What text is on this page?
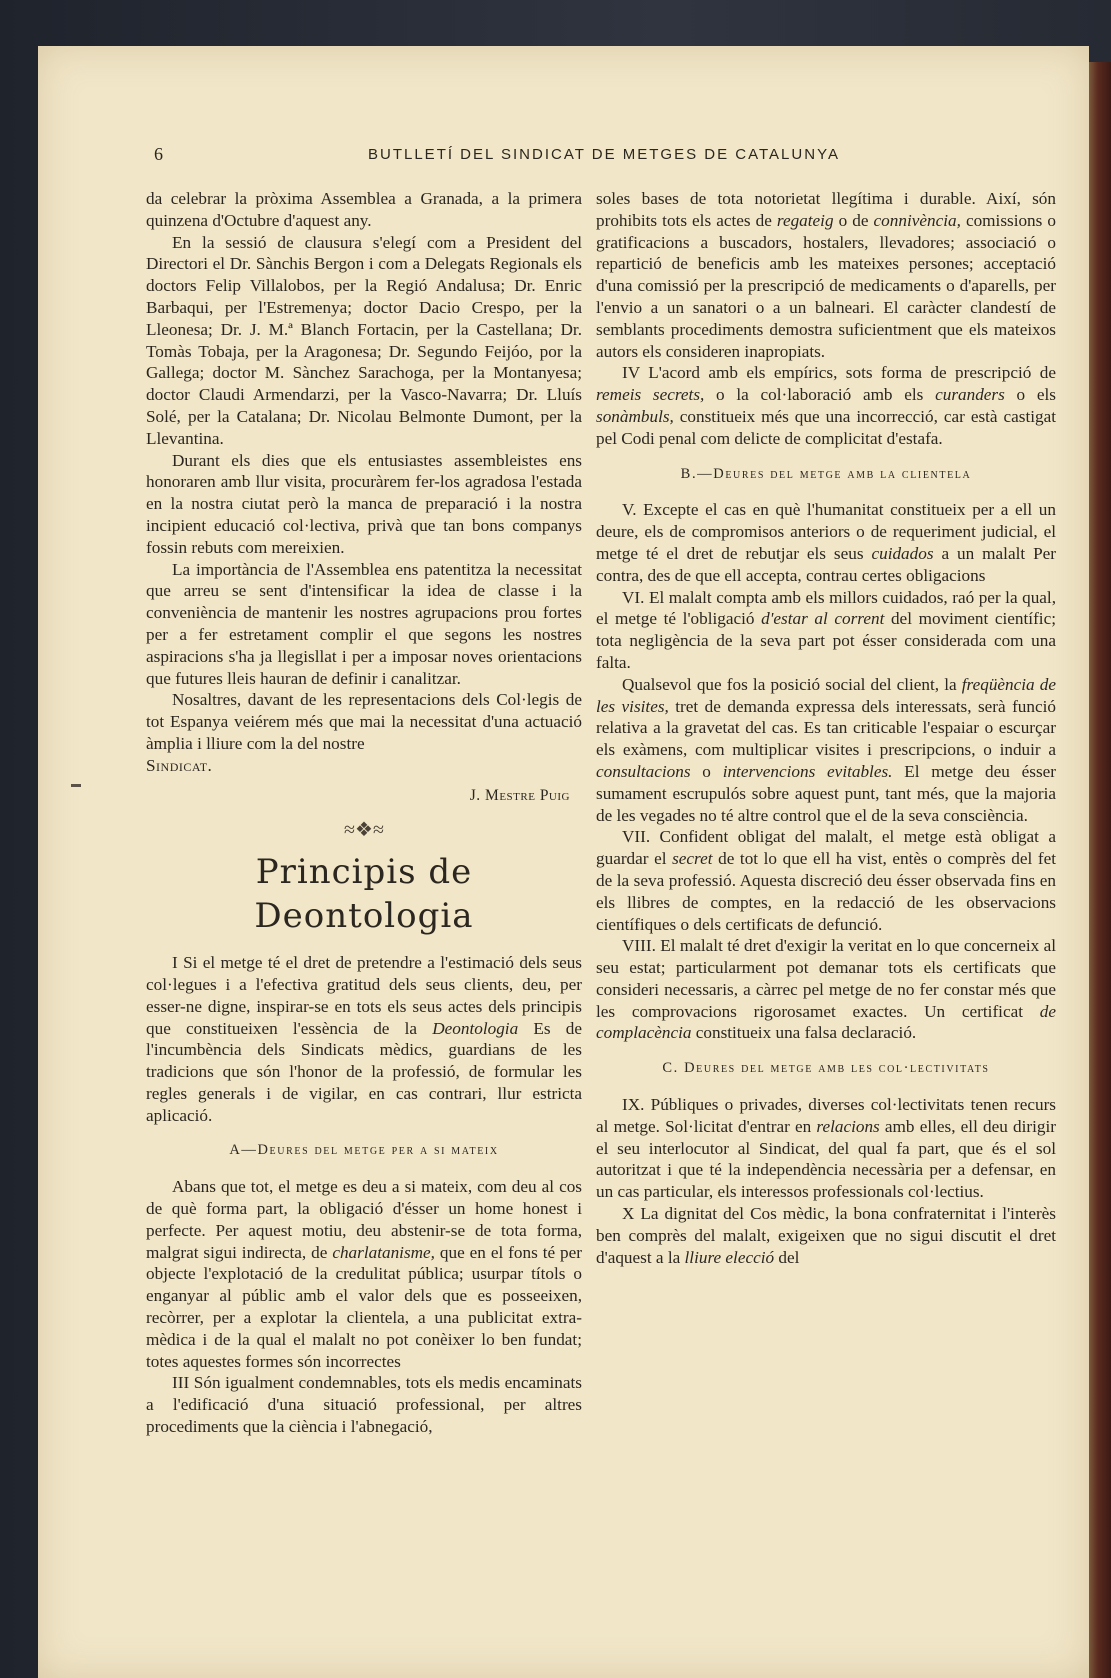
6	BUTLLETÍ DEL SINDICAT DE METGES DE CATALUNYA

da celebrar la pròxima Assemblea a Granada, a la primera quinzena d'Octubre d'aquest any.

En la sessió de clausura s'elegí com a President del Directori el Dr. Sànchis Bergon i com a Delegats Regionals els doctors Felip Villalobos, per la Regió Andalusa; Dr. Enric Barbaqui, per l'Estremenya; doctor Dacio Crespo, per la Lleonesa; Dr. J. M.ª Blanch Fortacin, per la Castellana; Dr. Tomàs Tobaja, per la Aragonesa; Dr. Segundo Feijóo, por la Gallega; doctor M. Sànchez Sarachoga, per la Montanyesa; doctor Claudi Armendarzi, per la Vasco-Navarra; Dr. Lluís Solé, per la Catalana; Dr. Nicolau Belmonte Dumont, per la Llevantina.

Durant els dies que els entusiastes assembleistes ens honoraren amb llur visita, procuràrem fer-los agradosa l'estada en la nostra ciutat però la manca de preparació i la nostra incipient educació col·lectiva, privà que tan bons companys fossin rebuts com mereixien.

La importància de l'Assemblea ens patentitza la necessitat que arreu se sent d'intensificar la idea de classe i la conveniència de mantenir les nostres agrupacions prou fortes per a fer estretament complir el que segons les nostres aspiracions s'ha ja llegisllat i per a imposar noves orientacions que futures lleis hauran de definir i canalitzar.

Nosaltres, davant de les representacions dels Col·legis de tot Espanya veiérem més que mai la necessitat d'una actuació àmplia i lliure com la del nostre
Sindicat.

J. Mestre Puig
≈❖≈
Principis de Deontologia

I Si el metge té el dret de pretendre a l'estimació dels seus col·legues i a l'efectiva gratitud dels seus clients, deu, per esser-ne digne, inspirar-se en tots els seus actes dels principis que constitueixen l'essència de la Deontologia Es de l'incumbència dels Sindicats mèdics, guardians de les tradicions que són l'honor de la professió, de formular les regles generals i de vigilar, en cas contrari, llur estricta aplicació.

A—Deures del metge per a si mateix

Abans que tot, el metge es deu a si mateix, com deu al cos de què forma part, la obligació d'ésser un home honest i perfecte. Per aquest motiu, deu abstenir-se de tota forma, malgrat sigui indirecta, de charlatanisme, que en el fons té per objecte l'explotació de la credulitat pública; usurpar títols o enganyar al públic amb el valor dels que es posseeixen, recòrrer, per a explotar la clientela, a una publicitat extra-mèdica i de la qual el malalt no pot conèixer lo ben fundat; totes aquestes formes són incorrectes

III Són igualment condemnables, tots els medis encaminats a l'edificació d'una situació professional, per altres procediments que la ciència i l'abnegació,

soles bases de tota notorietat llegítima i durable. Així, són prohibits tots els actes de regateig o de connivència, comissions o gratificacions a buscadors, hostalers, llevadores; associació o repartició de beneficis amb les mateixes persones; acceptació d'una comissió per la prescripció de medicaments o d'aparells, per l'envio a un sanatori o a un balneari. El caràcter clandestí de semblants procediments demostra suficientment que els mateixos autors els consideren inapropiats.

IV L'acord amb els empírics, sots forma de prescripció de remeis secrets, o la col·laboració amb els curanders o els sonàmbuls, constitueix més que una incorrecció, car està castigat pel Codi penal com delicte de complicitat d'estafa.

B.—Deures del metge amb la clientela

V. Excepte el cas en què l'humanitat constitueix per a ell un deure, els de compromisos anteriors o de requeriment judicial, el metge té el dret de rebutjar els seus cuidados a un malalt Per contra, des de que ell accepta, contrau certes obligacions

VI. El malalt compta amb els millors cuidados, raó per la qual, el metge té l'obligació d'estar al corrent del moviment científic; tota negligència de la seva part pot ésser considerada com una falta.

Qualsevol que fos la posició social del client, la freqüència de les visites, tret de demanda expressa dels interessats, serà funció relativa a la gravetat del cas. Es tan criticable l'espaiar o escurçar els exàmens, com multiplicar visites i prescripcions, o induir a consultacions o intervencions evitables. El metge deu ésser sumament escrupulós sobre aquest punt, tant més, que la majoria de les vegades no té altre control que el de la seva consciència.

VII. Confident obligat del malalt, el metge està obligat a guardar el secret de tot lo que ell ha vist, entès o comprès del fet de la seva professió. Aquesta discreció deu ésser observada fins en els llibres de comptes, en la redacció de les observacions científiques o dels certificats de defunció.

VIII. El malalt té dret d'exigir la veritat en lo que concerneix al seu estat; particularment pot demanar tots els certificats que consideri necessaris, a càrrec pel metge de no fer constar més que les comprovacions rigorosamet exactes. Un certificat de complacència constitueix una falsa declaració.

C. Deures del metge amb les col·lectivitats

IX. Públiques o privades, diverses col·lectivitats tenen recurs al metge. Sol·licitat d'entrar en relacions amb elles, ell deu dirigir el seu interlocutor al Sindicat, del qual fa part, que és el sol autoritzat i que té la independència necessària per a defensar, en un cas particular, els interessos professionals col·lectius.

X La dignitat del Cos mèdic, la bona confraternitat i l'interès ben comprès del malalt, exigeixen que no sigui discutit el dret d'aquest a la lliure elecció del
